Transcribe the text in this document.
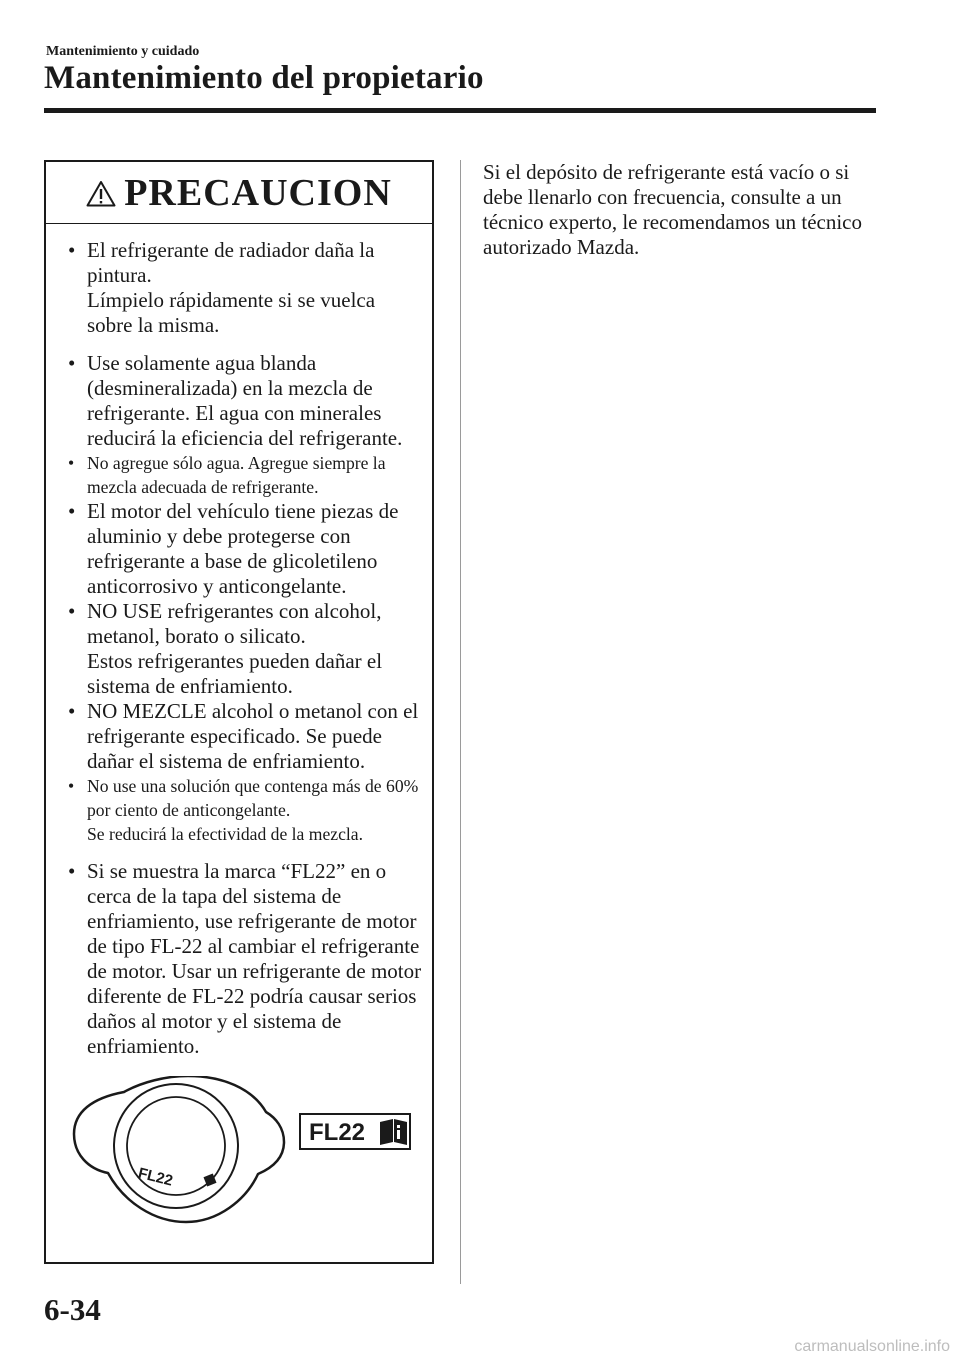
Mantenimiento y cuidado
Mantenimiento del propietario
PRECAUCION
• El refrigerante de radiador daña la pintura.
Límpielo rápidamente si se vuelca sobre la misma.
• Use solamente agua blanda (desmineralizada) en la mezcla de refrigerante. El agua con minerales reducirá la eficiencia del refrigerante.
• No agregue sólo agua. Agregue siempre la mezcla adecuada de refrigerante.
• El motor del vehículo tiene piezas de aluminio y debe protegerse con refrigerante a base de glicoletileno anticorrosivo y anticongelante.
• NO USE refrigerantes con alcohol, metanol, borato o silicato.
Estos refrigerantes pueden dañar el sistema de enfriamiento.
• NO MEZCLE alcohol o metanol con el refrigerante especificado. Se puede dañar el sistema de enfriamiento.
• No use una solución que contenga más de 60% por ciento de anticongelante.
Se reducirá la efectividad de la mezcla.
• Si se muestra la marca “FL22” en o cerca de la tapa del sistema de enfriamiento, use refrigerante de motor de tipo FL-22 al cambiar el refrigerante de motor. Usar un refrigerante de motor diferente de FL-22 podría causar serios daños al motor y el sistema de enfriamiento.
FL22
FL22
Si el depósito de refrigerante está vacío o si debe llenarlo con frecuencia, consulte a un técnico experto, le recomendamos un técnico autorizado Mazda.
6-34
carmanualsonline.info
